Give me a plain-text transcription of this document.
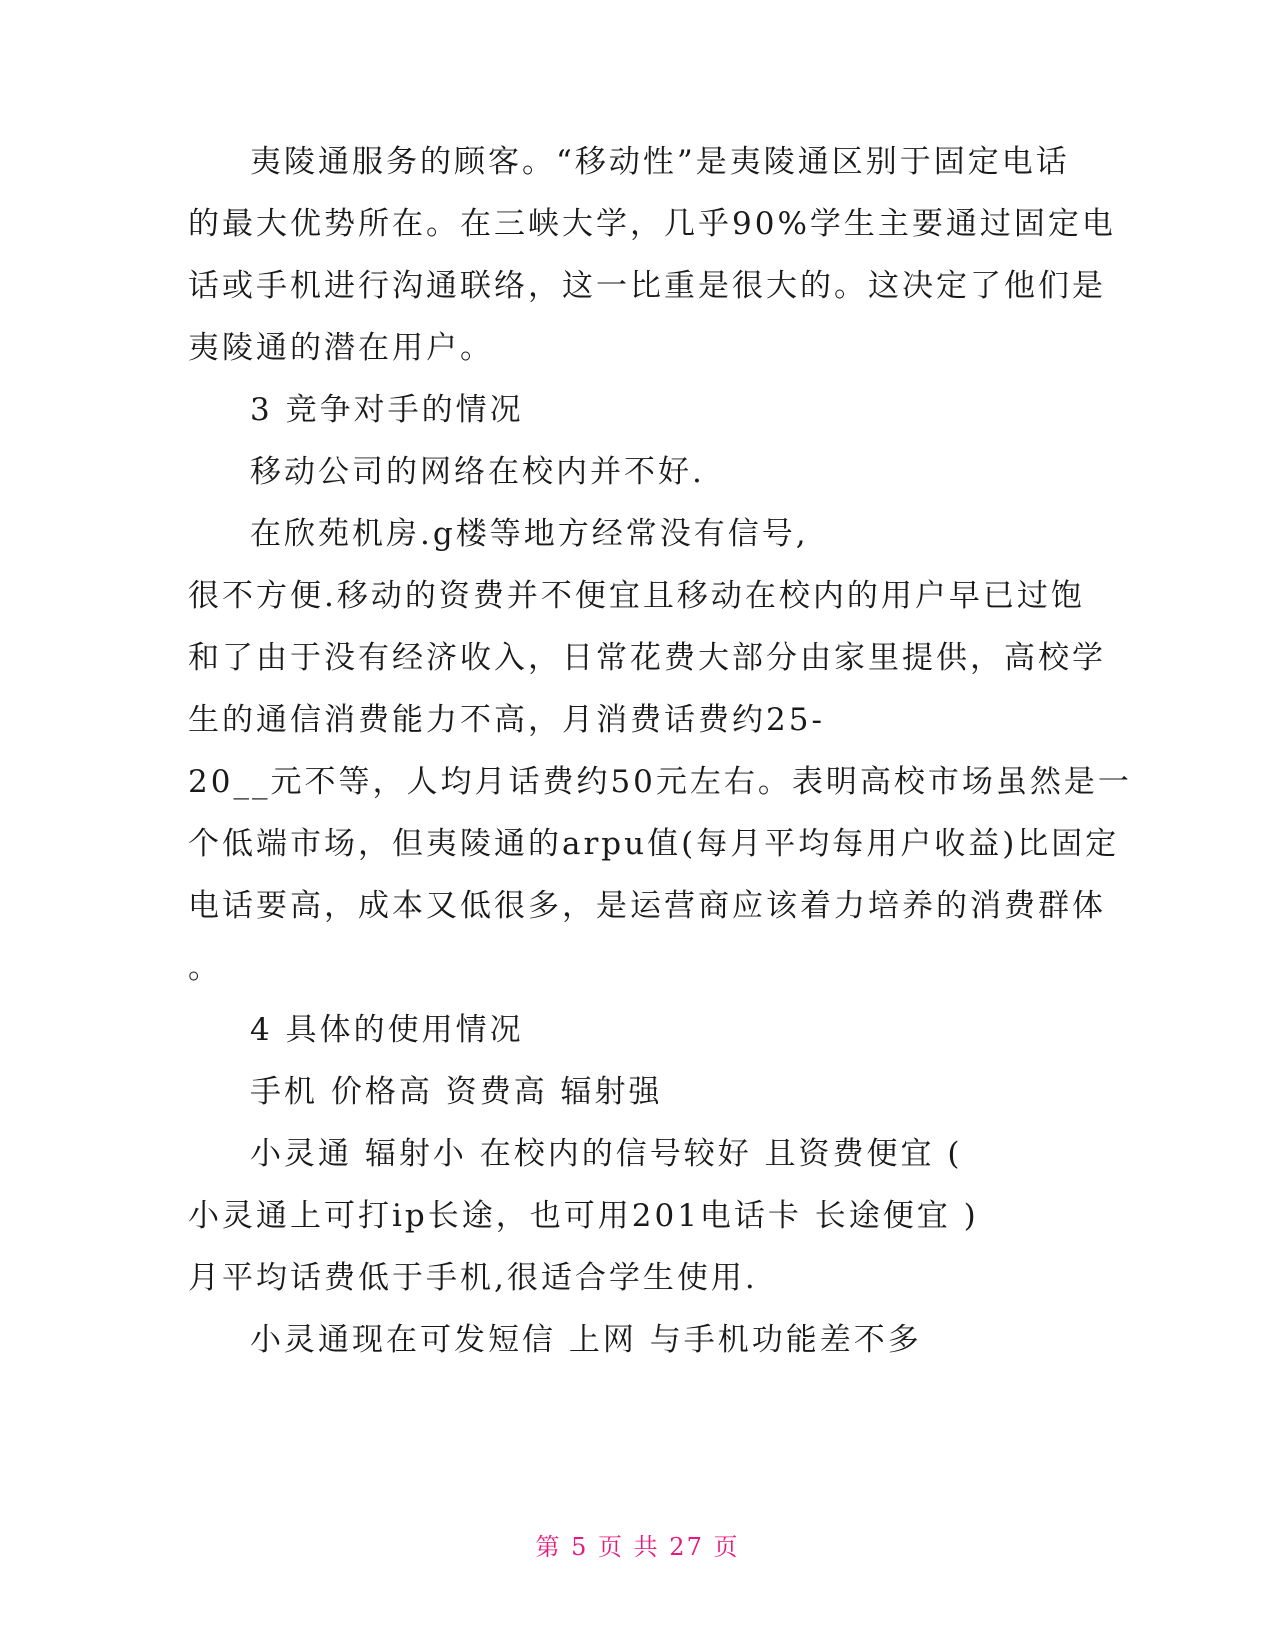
夷陵通服务的顾客。“移动性”是夷陵通区别于固定电话
的最大优势所在。在三峡大学，几乎90%学生主要通过固定电
话或手机进行沟通联络，这一比重是很大的。这决定了他们是
夷陵通的潜在用户。
3 竞争对手的情况
移动公司的网络在校内并不好.
在欣苑机房.g楼等地方经常没有信号,
很不方便.移动的资费并不便宜且移动在校内的用户早已过饱
和了由于没有经济收入，日常花费大部分由家里提供，高校学
生的通信消费能力不高，月消费话费约25-
20__元不等，人均月话费约50元左右。表明高校市场虽然是一
个低端市场，但夷陵通的arpu值(每月平均每用户收益)比固定
电话要高，成本又低很多，是运营商应该着力培养的消费群体
。
4 具体的使用情况
手机 价格高 资费高 辐射强
小灵通 辐射小 在校内的信号较好 且资费便宜 (
小灵通上可打ip长途，也可用201电话卡 长途便宜 )
月平均话费低于手机,很适合学生使用.
小灵通现在可发短信 上网 与手机功能差不多
第 5 页 共 27 页
